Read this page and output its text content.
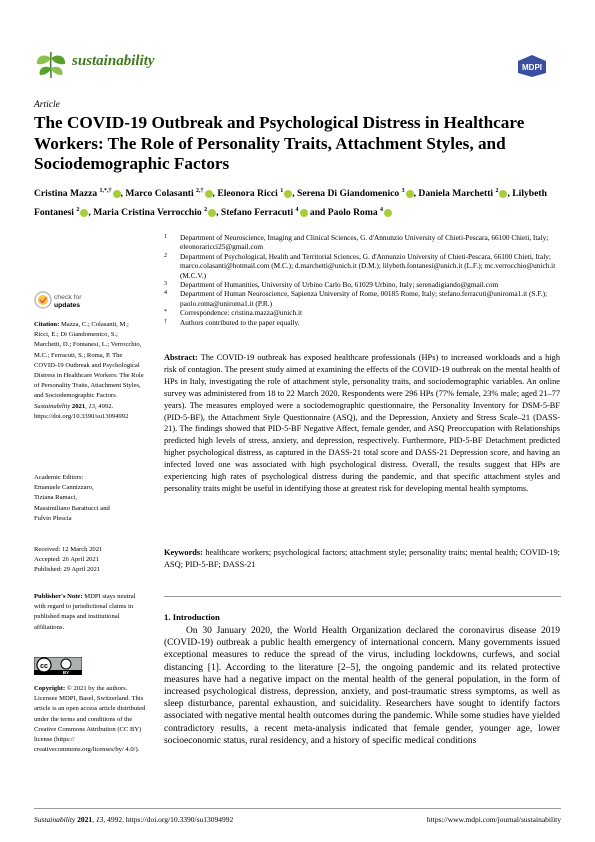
sustainability	MDPI
Article
The COVID-19 Outbreak and Psychological Distress in Healthcare Workers: The Role of Personality Traits, Attachment Styles, and Sociodemographic Factors
Cristina Mazza $^{1,*,\dagger}$ , Marco Colasanti $^{2,\dagger}$ , Eleonora Ricci $^1$ , Serena Di Giandomenico $^3$ , Daniela Marchetti $^2$ , Lilybeth Fontanesi $^2$ , Maria Cristina Verrocchio $^2$ , Stefano Ferracuti $^4$ and Paolo Roma $^4$
1 Department of Neuroscience, Imaging and Clinical Sciences, G. d'Annunzio University of Chieti-Pescara, 66100 Chieti, Italy; eleonoraricci25@gmail.com
2 Department of Psychological, Health and Territorial Sciences, G. d'Annunzio University of Chieti-Pescara, 66100 Chieti, Italy; marco.colasanti@hotmail.com (M.C.); d.marchetti@unich.it (D.M.); lilybeth.fontanesi@unich.it (L.F.); mc.verrocchio@unich.it (M.C.V.)
3 Department of Humanities, University of Urbino Carlo Bo, 61029 Urbino, Italy; serenadigiando@gmail.com
4 Department of Human Neuroscience, Sapienza University of Rome, 00185 Rome, Italy; stefano.ferracuti@uniroma1.it (S.F.); paolo.roma@uniroma1.it (P.R.)
* Correspondence: cristina.mazza@unich.it
† Authors contributed to the paper equally.
check for
updates
Citation: Mazza, C.; Colasanti, M.; Ricci, E.; Di Giandomenico, S.; Marchetti, D.; Fontanesi, L.; Verrocchio, M.C.; Ferracuti, S.; Roma, P. The COVID-19 Outbreak and Psychological Distress in Healthcare Workers: The Role of Personality Traits, Attachment Styles, and Sociodemographic Factors. Sustainability 2021, 13, 4992. https://doi.org/10.3390/su13094992
Academic Editors:
Emanuele Cannizzaro,
Tiziana Ramaci,
Massimiliano Barattucci and
Fulvio Plescia
Received: 12 March 2021
Accepted: 26 April 2021
Published: 29 April 2021
Publisher's Note: MDPI stays neutral with regard to jurisdictional claims in published maps and institutional affiliations.
cc
BY
Copyright: © 2021 by the authors. Licensee MDPI, Basel, Switzerland. This article is an open access article distributed under the terms and conditions of the Creative Commons Attribution (CC BY) license (https:// creativecommons.org/licenses/by/ 4.0/).
Abstract: The COVID-19 outbreak has exposed healthcare professionals (HPs) to increased workloads and a high risk of contagion. The present study aimed at examining the effects of the COVID-19 outbreak on the mental health of HPs in Italy, investigating the role of attachment style, personality traits, and sociodemographic variables. An online survey was administered from 18 to 22 March 2020. Respondents were 296 HPs (77% female, 23% male; aged 21–77 years). The measures employed were a sociodemographic questionnaire, the Personality Inventory for DSM-5-BF (PID-5-BF), the Attachment Style Questionnaire (ASQ), and the Depression, Anxiety and Stress Scale–21 (DASS-21). The findings showed that PID-5-BF Negative Affect, female gender, and ASQ Preoccupation with Relationships predicted high levels of stress, anxiety, and depression, respectively. Furthermore, PID-5-BF Detachment predicted higher psychological distress, as captured in the DASS-21 total score and DASS-21 Depression score, and having an infected loved one was associated with high psychological distress. Overall, the results suggest that HPs are experiencing high rates of psychological distress during the pandemic, and that specific attachment styles and personality traits might be useful in identifying those at greatest risk for developing mental health symptoms.
Keywords: healthcare workers; psychological factors; attachment style; personality traits; mental health; COVID-19; ASQ; PID-5-BF; DASS-21
1. Introduction
On 30 January 2020, the World Health Organization declared the coronavirus disease 2019 (COVID-19) outbreak a public health emergency of international concern. Many governments issued exceptional measures to reduce the spread of the virus, including lockdowns, curfews, and social distancing [1]. According to the literature [2–5], the ongoing pandemic and its related protective measures have had a negative impact on the mental health of the general population, in the form of increased psychological distress, depression, anxiety, and post-traumatic stress symptoms, as well as sleep disturbance, parental exhaustion, and suicidality. Researchers have sought to identify factors associated with negative mental health outcomes during the pandemic. While some studies have yielded contradictory results, a recent meta-analysis indicated that female gender, younger age, lower socioeconomic status, rural residency, and a history of specific medical conditions
Sustainability 2021, 13, 4992. https://doi.org/10.3390/su13094992	https://www.mdpi.com/journal/sustainability
